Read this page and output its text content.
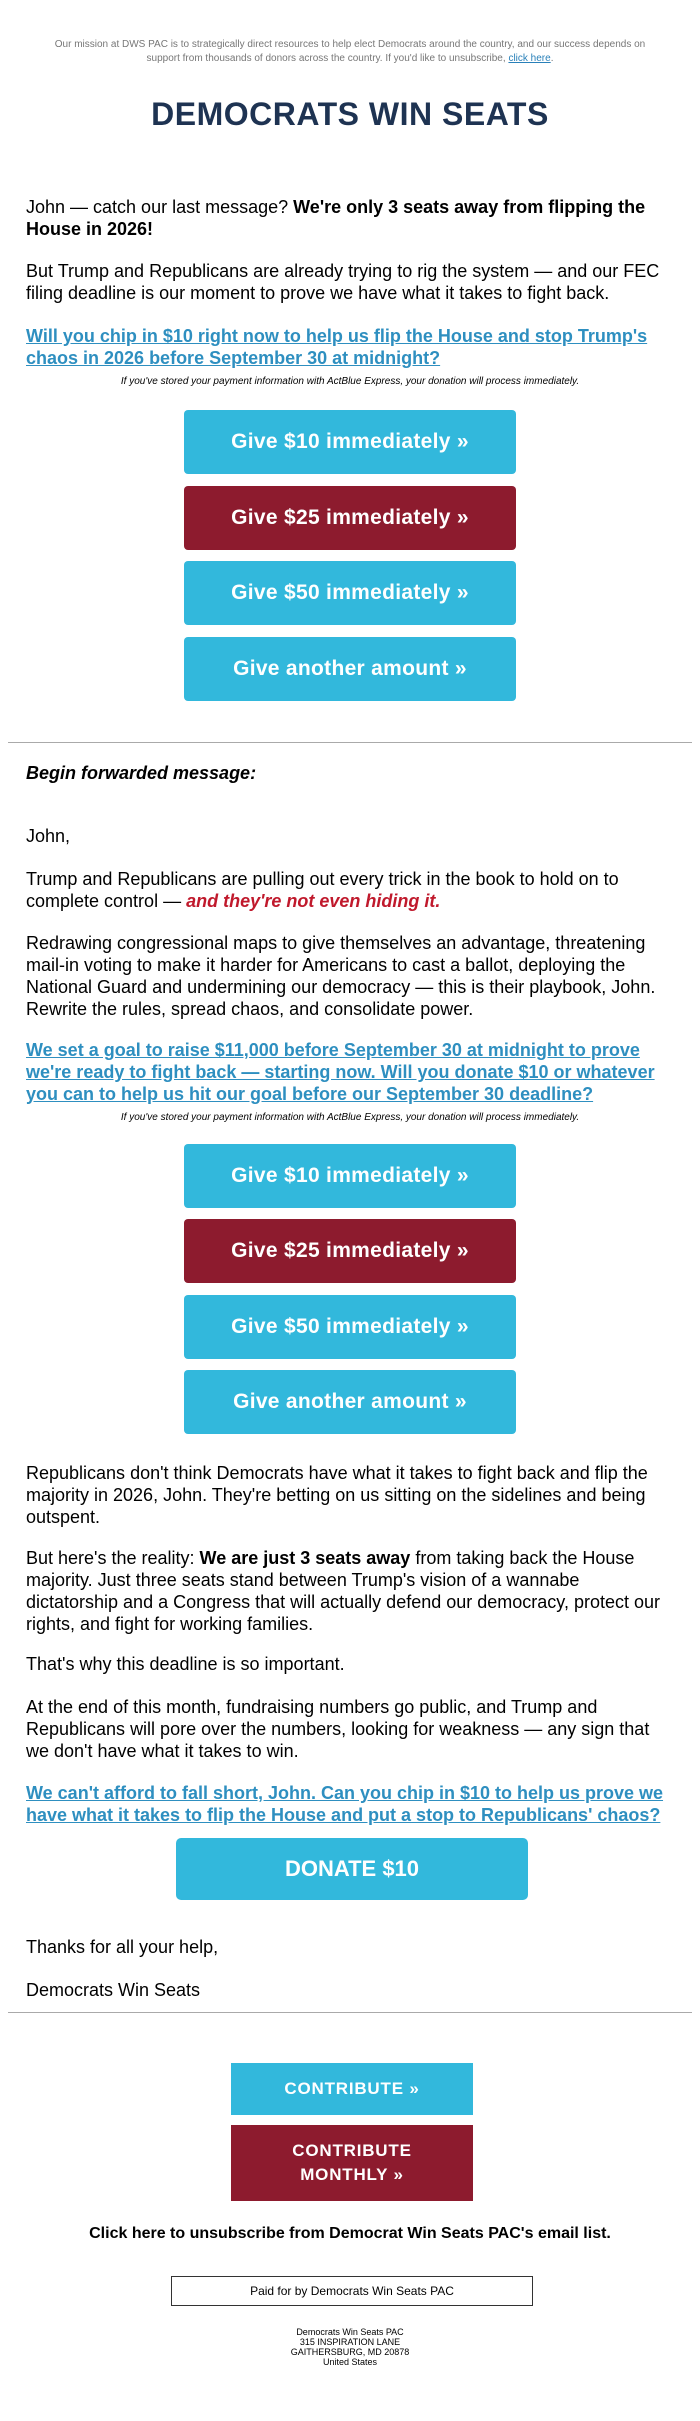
Our mission at DWS PAC is to strategically direct resources to help elect Democrats around the country, and our success depends on support from thousands of donors across the country. If you'd like to unsubscribe, click here.
DEMOCRATS WIN SEATS
John — catch our last message? We're only 3 seats away from flipping the House in 2026!
But Trump and Republicans are already trying to rig the system — and our FEC filing deadline is our moment to prove we have what it takes to fight back.
Will you chip in $10 right now to help us flip the House and stop Trump's chaos in 2026 before September 30 at midnight?
If you've stored your payment information with ActBlue Express, your donation will process immediately.
Give $10 immediately »
Give $25 immediately »
Give $50 immediately »
Give another amount »
Begin forwarded message:
John,
Trump and Republicans are pulling out every trick in the book to hold on to complete control — and they're not even hiding it.
Redrawing congressional maps to give themselves an advantage, threatening mail-in voting to make it harder for Americans to cast a ballot, deploying the National Guard and undermining our democracy — this is their playbook, John. Rewrite the rules, spread chaos, and consolidate power.
We set a goal to raise $11,000 before September 30 at midnight to prove we're ready to fight back — starting now. Will you donate $10 or whatever you can to help us hit our goal before our September 30 deadline?
If you've stored your payment information with ActBlue Express, your donation will process immediately.
Give $10 immediately »
Give $25 immediately »
Give $50 immediately »
Give another amount »
Republicans don't think Democrats have what it takes to fight back and flip the majority in 2026, John. They're betting on us sitting on the sidelines and being outspent.
But here's the reality: We are just 3 seats away from taking back the House majority. Just three seats stand between Trump's vision of a wannabe dictatorship and a Congress that will actually defend our democracy, protect our rights, and fight for working families.
That's why this deadline is so important.
At the end of this month, fundraising numbers go public, and Trump and Republicans will pore over the numbers, looking for weakness — any sign that we don't have what it takes to win.
We can't afford to fall short, John. Can you chip in $10 to help us prove we have what it takes to flip the House and put a stop to Republicans' chaos?
DONATE $10
Thanks for all your help,
Democrats Win Seats
CONTRIBUTE »
CONTRIBUTE MONTHLY »
Click here to unsubscribe from Democrat Win Seats PAC's email list.
Paid for by Democrats Win Seats PAC
Democrats Win Seats PAC
315 INSPIRATION LANE
GAITHERSBURG, MD 20878
United States
